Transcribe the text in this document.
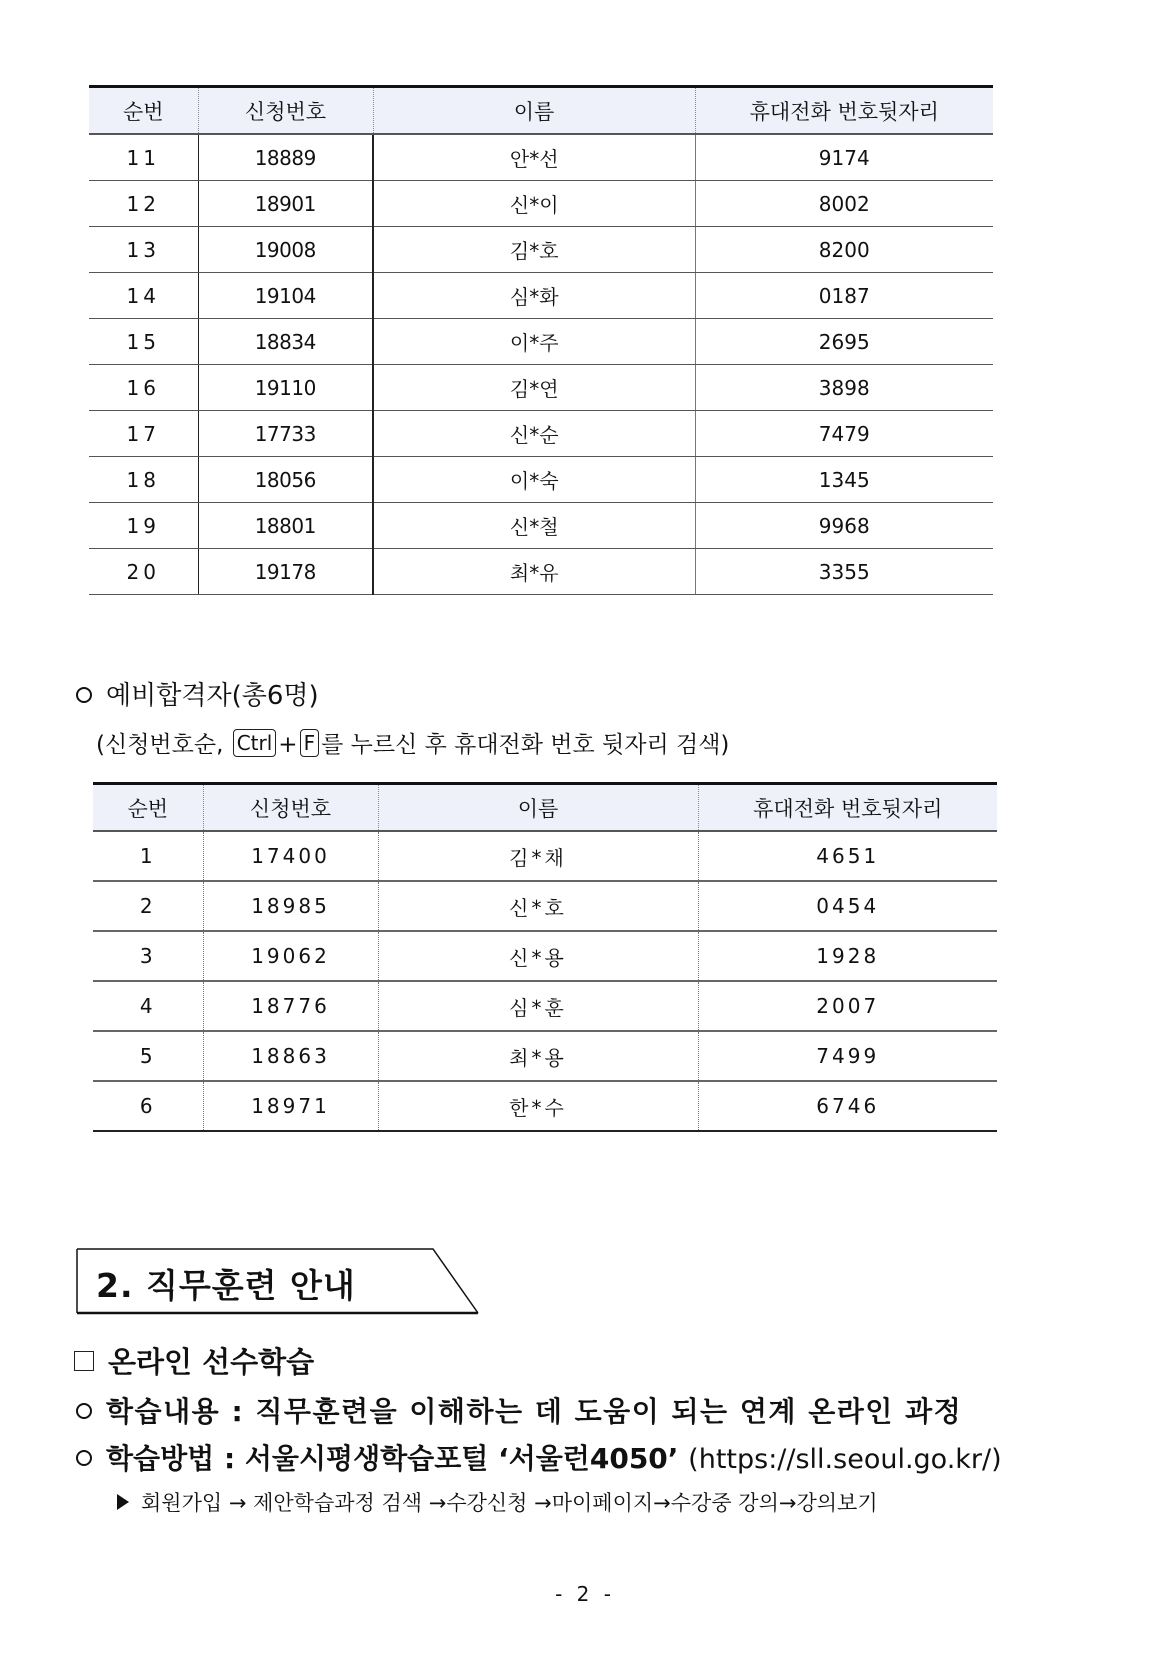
순번	신청번호	이름	휴대전화 번호뒷자리
11	18889	안*선	9174
12	18901	신*이	8002
13	19008	김*호	8200
14	19104	심*화	0187
15	18834	이*주	2695
16	19110	김*연	3898
17	17733	신*순	7479
18	18056	이*숙	1345
19	18801	신*철	9968
20	19178	최*유	3355
예비합격자(총6명)
(신청번호순, Ctrl + F 를 누르신 후 휴대전화 번호 뒷자리 검색)
순번	신청번호	이름	휴대전화 번호뒷자리
1	17400	김*채	4651
2	18985	신*호	0454
3	19062	신*용	1928
4	18776	심*훈	2007
5	18863	최*용	7499
6	18971	한*수	6746
2. 직무훈련 안내
온라인 선수학습
학습내용 : 직무훈련을 이해하는 데 도움이 되는 연계 온라인 과정
학습방법 : 서울시평생학습포털 ‘서울런4050’ (https://sll.seoul.go.kr/)
회원가입 → 제안학습과정 검색 →수강신청 →마이페이지→수강중 강의→강의보기
- 2 -
